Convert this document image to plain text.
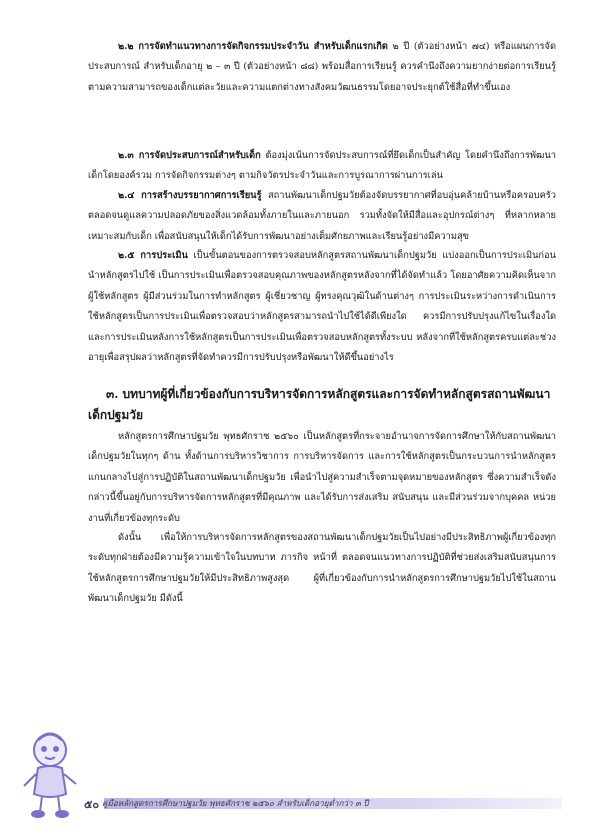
๒.๒ การจัดทำแนวทางการจัดกิจกรรมประจำวัน สำหรับเด็กแรกเกิด ๒ ปี (ตัวอย่างหน้า ๗๔) หรือแผนการจัดประสบการณ์ สำหรับเด็กอายุ ๒ – ๓ ปี (ตัวอย่างหน้า ๘๘) พร้อมสื่อการเรียนรู้ ควรคำนึงถึงความยากง่ายต่อการเรียนรู้ตามความสามารถของเด็กแต่ละวัยและความแตกต่างทางสังคมวัฒนธรรมโดยอาจประยุกต์ใช้สื่อที่ทำขึ้นเอง

๒.๓ การจัดประสบการณ์สำหรับเด็ก ต้องมุ่งเน้นการจัดประสบการณ์ที่ยึดเด็กเป็นสำคัญ โดยคำนึงถึงการพัฒนาเด็กโดยองค์รวม การจัดกิจกรรมต่างๆ ตามกิจวัตรประจำวันและการบูรณาการผ่านการเล่น

๒.๔ การสร้างบรรยากาศการเรียนรู้ สถานพัฒนาเด็กปฐมวัยต้องจัดบรรยากาศที่อบอุ่นคล้ายบ้านหรือครอบครัว ตลอดจนดูแลความปลอดภัยของสิ่งแวดล้อมทั้งภายในและภายนอก รวมทั้งจัดให้มีสื่อและอุปกรณ์ต่างๆ ที่หลากหลายเหมาะสมกับเด็ก เพื่อสนับสนุนให้เด็กได้รับการพัฒนาอย่างเต็มศักยภาพและเรียนรู้อย่างมีความสุข

๒.๕ การประเมิน เป็นขั้นตอนของการตรวจสอบหลักสูตรสถานพัฒนาเด็กปฐมวัย แบ่งออกเป็นการประเมินก่อนนำหลักสูตรไปใช้ เป็นการประเมินเพื่อตรวจสอบคุณภาพของหลักสูตรหลังจากที่ได้จัดทำแล้ว โดยอาศัยความคิดเห็นจากผู้ใช้หลักสูตร ผู้มีส่วนร่วมในการทำหลักสูตร ผู้เชี่ยวชาญ ผู้ทรงคุณวุฒิในด้านต่างๆ การประเมินระหว่างการดำเนินการใช้หลักสูตรเป็นการประเมินเพื่อตรวจสอบว่าหลักสูตรสามารถนำไปใช้ได้ดีเพียงใด ควรมีการปรับปรุงแก้ไขในเรื่องใด และการประเมินหลังการใช้หลักสูตรเป็นการประเมินเพื่อตรวจสอบหลักสูตรทั้งระบบ หลังจากที่ใช้หลักสูตรครบแต่ละช่วงอายุเพื่อสรุปผลว่าหลักสูตรที่จัดทำควรมีการปรับปรุงหรือพัฒนาให้ดีขึ้นอย่างไร

๓. บทบาทผู้ที่เกี่ยวข้องกับการบริหารจัดการหลักสูตรและการจัดทำหลักสูตรสถานพัฒนาเด็กปฐมวัย

หลักสูตรการศึกษาปฐมวัย พุทธศักราช ๒๕๖๐ เป็นหลักสูตรที่กระจายอำนาจการจัดการศึกษาให้กับสถานพัฒนาเด็กปฐมวัยในทุกๆ ด้าน ทั้งด้านการบริหารวิชาการ การบริหารจัดการ และการใช้หลักสูตรเป็นกระบวนการนำหลักสูตรแกนกลางไปสู่การปฏิบัติในสถานพัฒนาเด็กปฐมวัย เพื่อนำไปสู่ความสำเร็จตามจุดหมายของหลักสูตร ซึ่งความสำเร็จดังกล่าวนี้ขึ้นอยู่กับการบริหารจัดการหลักสูตรที่มีคุณภาพ และได้รับการส่งเสริม สนับสนุน และมีส่วนร่วมจากบุคคล หน่วยงานที่เกี่ยวข้องทุกระดับ

ดังนั้น เพื่อให้การบริหารจัดการหลักสูตรของสถานพัฒนาเด็กปฐมวัยเป็นไปอย่างมีประสิทธิภาพผู้เกี่ยวข้องทุกระดับทุกฝ่ายต้องมีความรู้ความเข้าใจในบทบาท ภารกิจ หน้าที่ ตลอดจนแนวทางการปฏิบัติที่ช่วยส่งเสริมสนับสนุนการใช้หลักสูตรการศึกษาปฐมวัยให้มีประสิทธิภาพสูงสุด ผู้ที่เกี่ยวข้องกับการนำหลักสูตรการศึกษาปฐมวัยไปใช้ในสถานพัฒนาเด็กปฐมวัย มีดังนี้

๕๐ คู่มือหลักสูตรการศึกษาปฐมวัย พุทธศักราช ๒๕๖๐ สำหรับเด็กอายุต่ำกว่า ๓ ปี
